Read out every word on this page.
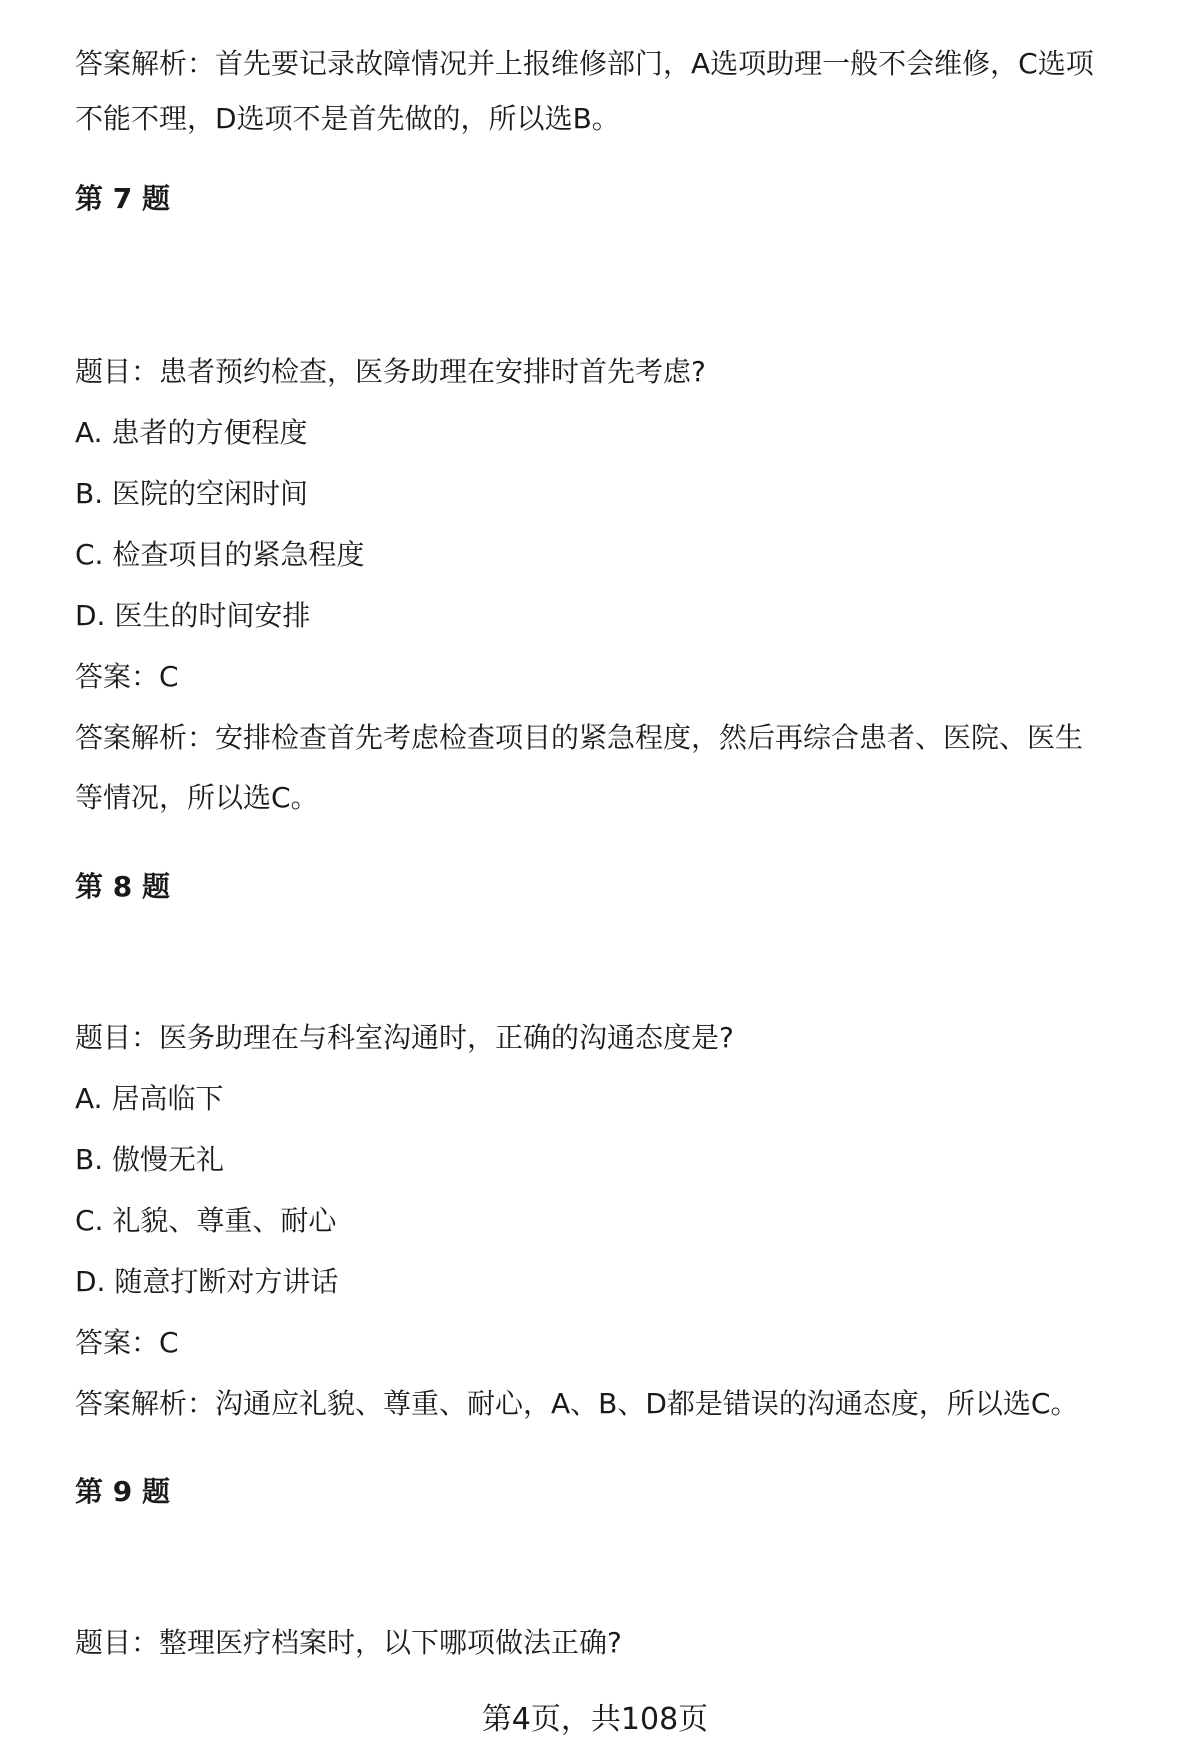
答案解析：首先要记录故障情况并上报维修部门，A选项助理一般不会维修，C选项
不能不理，D选项不是首先做的，所以选B。
第 7 题
题目：患者预约检查，医务助理在安排时首先考虑?
A. 患者的方便程度
B. 医院的空闲时间
C. 检查项目的紧急程度
D. 医生的时间安排
答案：C
答案解析：安排检查首先考虑检查项目的紧急程度，然后再综合患者、医院、医生
等情况，所以选C。
第 8 题
题目：医务助理在与科室沟通时，正确的沟通态度是?
A. 居高临下
B. 傲慢无礼
C. 礼貌、尊重、耐心
D. 随意打断对方讲话
答案：C
答案解析：沟通应礼貌、尊重、耐心，A、B、D都是错误的沟通态度，所以选C。
第 9 题
题目：整理医疗档案时，以下哪项做法正确?
第4页，共108页
